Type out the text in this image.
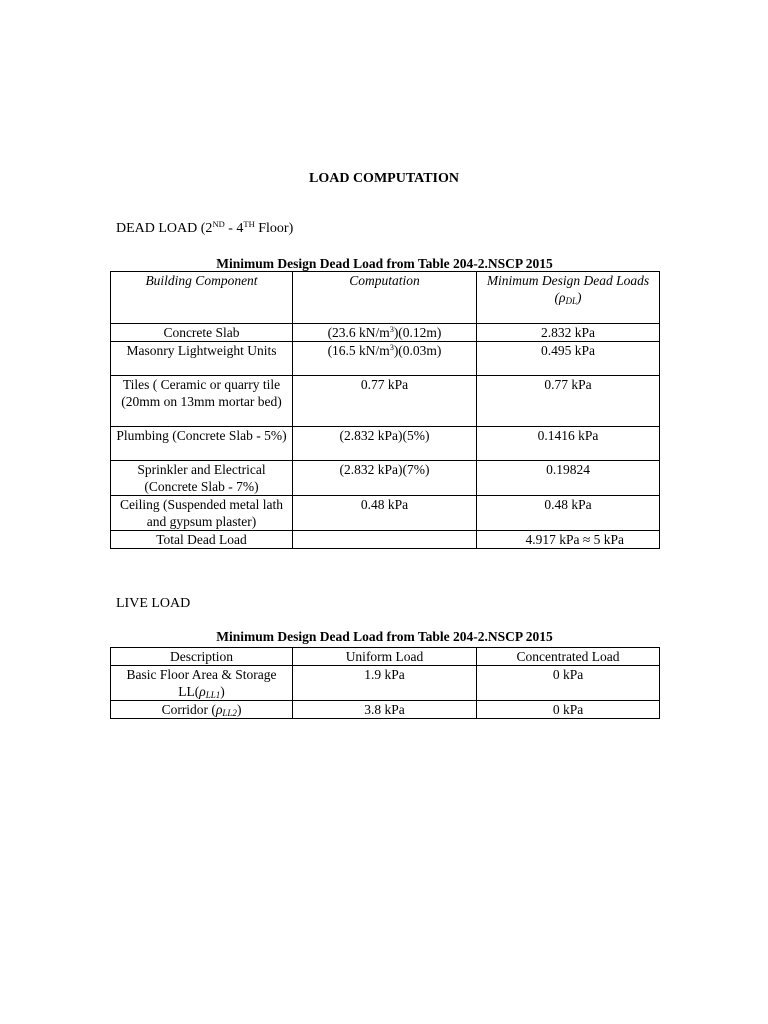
LOAD COMPUTATION
DEAD LOAD (2ND - 4TH Floor)
Minimum Design Dead Load from Table 204-2.NSCP 2015
Building Component	Computation	Minimum Design Dead Loads
$(\rho_{DL})$
Concrete Slab	(23.6 $kN/m^3)(0.12m)$	2.832 kPa
Masonry Lightweight Units	(16.5 $kN/m^3)(0.03m)$	0.495 kPa
Tiles ( Ceramic or quarry tile (20mm on 13mm mortar bed)	0.77 kPa	0.77 kPa
Plumbing (Concrete Slab - 5%)	(2.832 kPa)(5%)	0.1416 kPa
Sprinkler and Electrical (Concrete Slab - 7%)	(2.832 kPa)(7%)	0.19824
Ceiling (Suspended metal lath and gypsum plaster)	0.48 kPa	0.48 kPa
Total Dead Load		4.917 kPa ≈ 5 kPa
LIVE LOAD
Minimum Design Dead Load from Table 204-2.NSCP 2015
Description	Uniform Load	Concentrated Load
Basic Floor Area & Storage $LL(\rho_{LL1})$	1.9 kPa	0 kPa
Corridor $(\rho_{LL2})$	3.8 kPa	0 kPa
